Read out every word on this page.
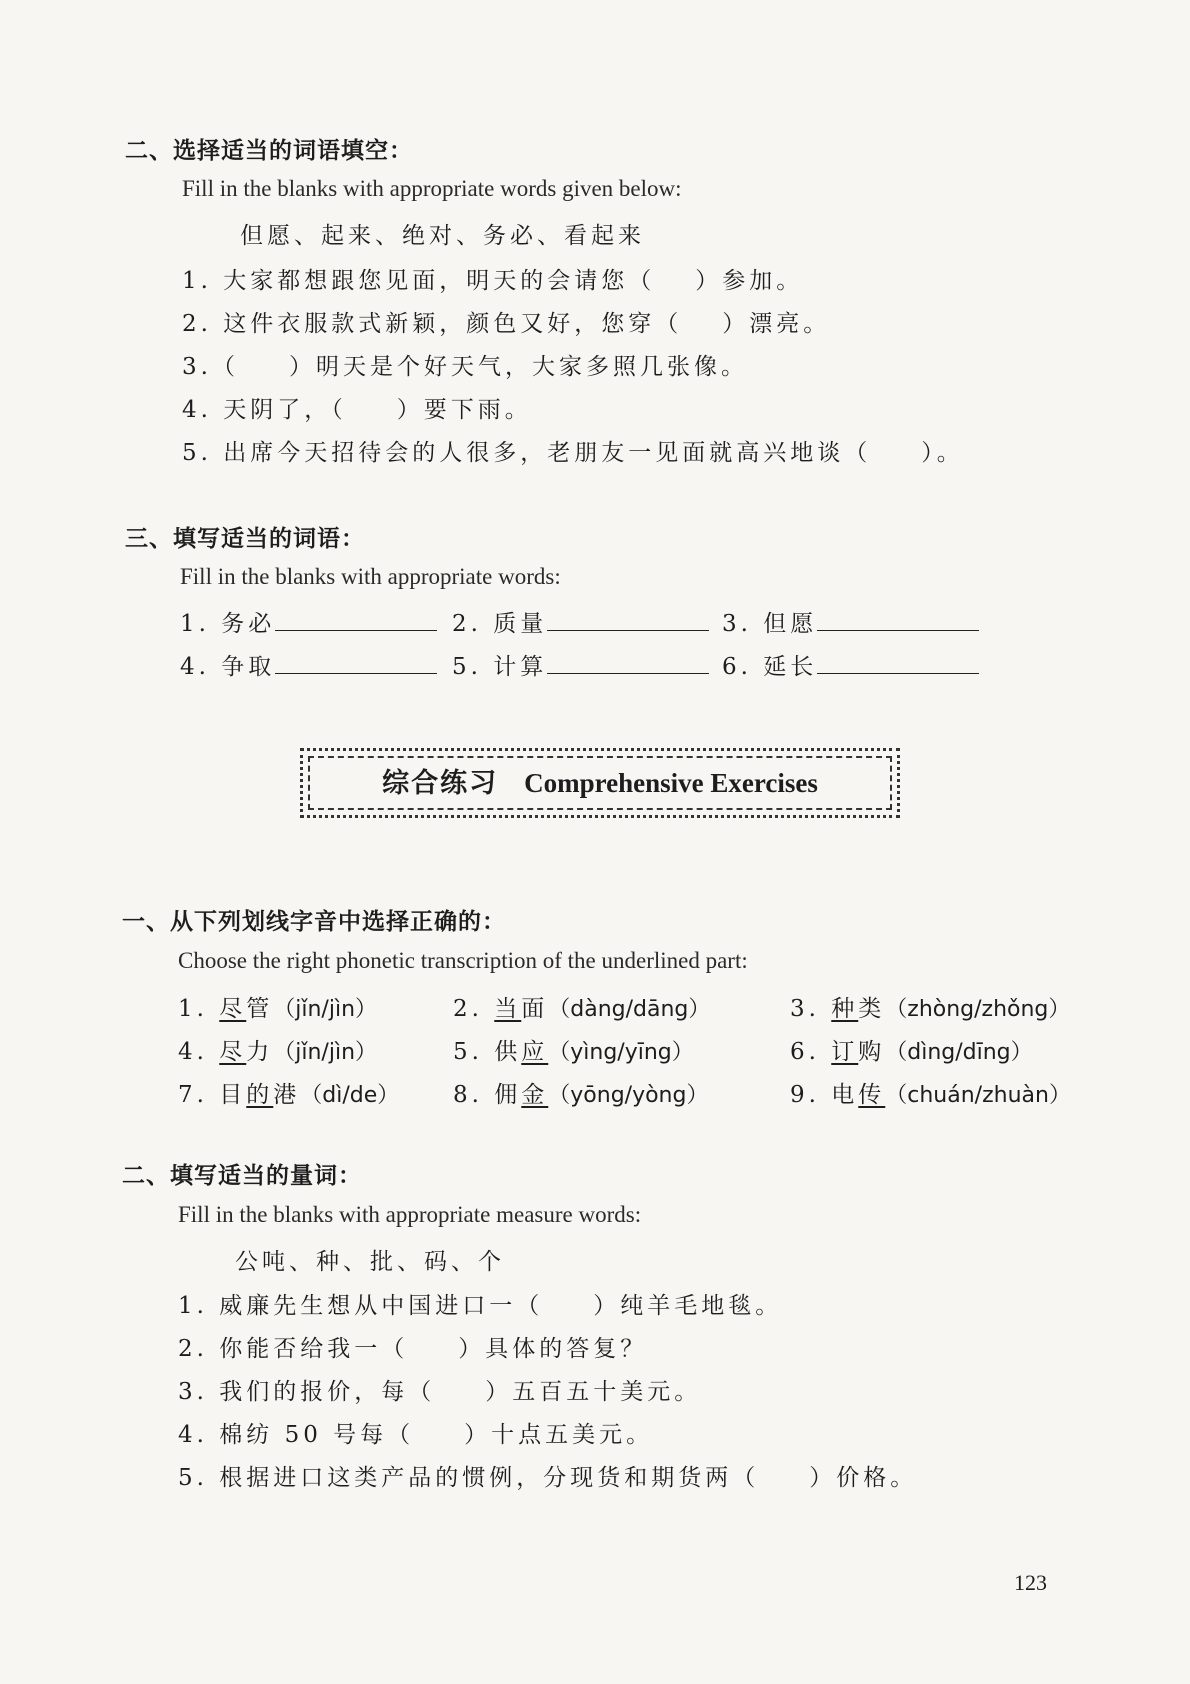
二、选择适当的词语填空：
Fill in the blanks with appropriate words given below:
但愿、起来、绝对、务必、看起来
1. 大家都想跟您见面，明天的会请您（ ）参加。
2. 这件衣服款式新颖，颜色又好，您穿（ ）漂亮。
3.（ ）明天是个好天气，大家多照几张像。
4. 天阴了，（ ）要下雨。
5. 出席今天招待会的人很多，老朋友一见面就高兴地谈（ ）。
三、填写适当的词语：
Fill in the blanks with appropriate words:
1. 务必	2. 质量	3. 但愿
4. 争取	5. 计算	6. 延长
综合练习 Comprehensive Exercises
一、从下列划线字音中选择正确的：
Choose the right phonetic transcription of the underlined part:
1. 尽管（jǐn/jìn）	2. 当面（dàng/dāng）	3. 种类（zhòng/zhǒng）
4. 尽力（jǐn/jìn）	5. 供应（yìng/yīng）	6. 订购（dìng/dīng）
7. 目的港（dì/de） 8. 佣金（yōng/yòng）	9. 电传（chuán/zhuàn）
二、填写适当的量词：
Fill in the blanks with appropriate measure words:
公吨、种、批、码、个
1. 威廉先生想从中国进口一（ ）纯羊毛地毯。
2. 你能否给我一（ ）具体的答复？
3. 我们的报价，每（ ）五百五十美元。
4. 棉纺 50 号每（ ）十点五美元。
5. 根据进口这类产品的惯例，分现货和期货两（ ）价格。
123
